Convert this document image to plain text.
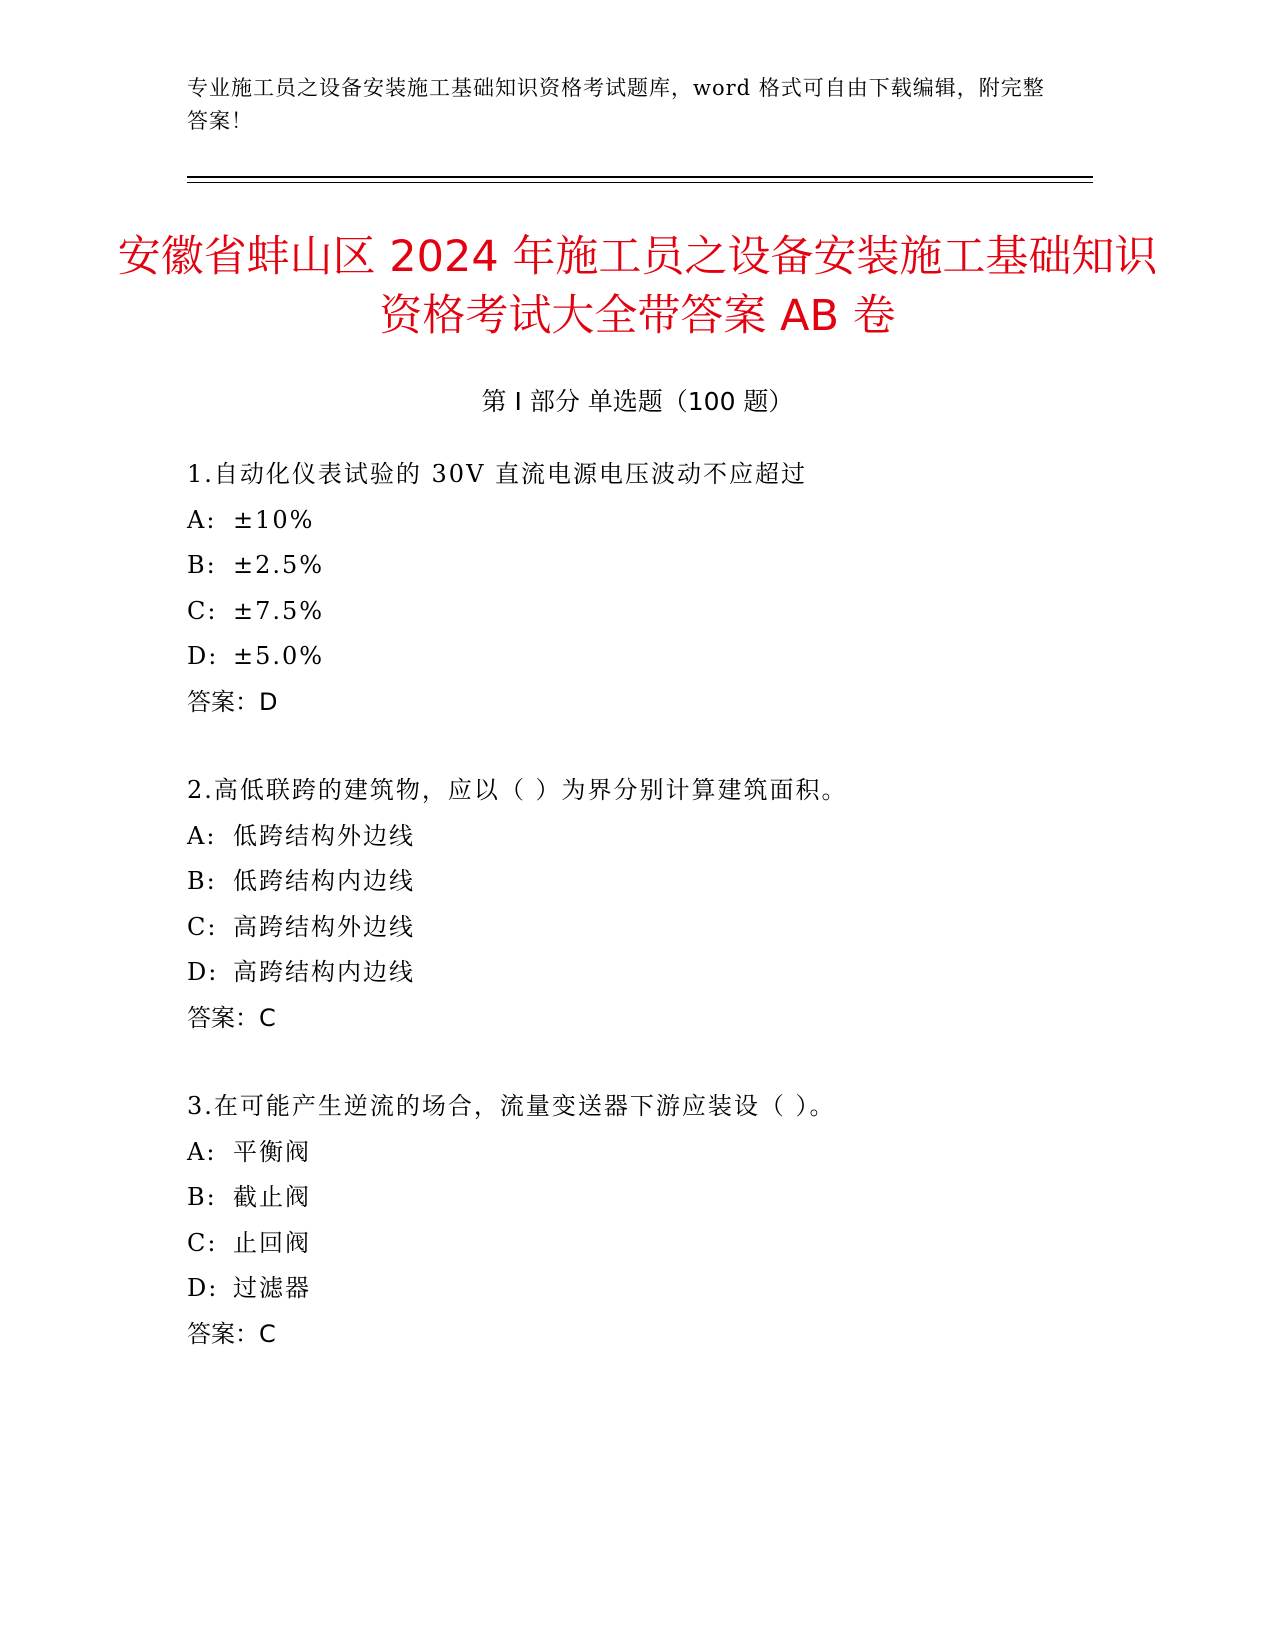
专业施工员之设备安装施工基础知识资格考试题库，word 格式可自由下载编辑，附完整答案！
安徽省蚌山区 2024 年施工员之设备安装施工基础知识资格考试大全带答案 AB 卷
第 I 部分 单选题（100 题）
1.自动化仪表试验的 30V 直流电源电压波动不应超过
A: ±10%
B: ±2.5%
C: ±7.5%
D: ±5.0%
答案：D
2.高低联跨的建筑物，应以（ ）为界分别计算建筑面积。
A: 低跨结构外边线
B: 低跨结构内边线
C: 高跨结构外边线
D: 高跨结构内边线
答案：C
3.在可能产生逆流的场合，流量变送器下游应装设（ ）。
A: 平衡阀
B: 截止阀
C: 止回阀
D: 过滤器
答案：C
